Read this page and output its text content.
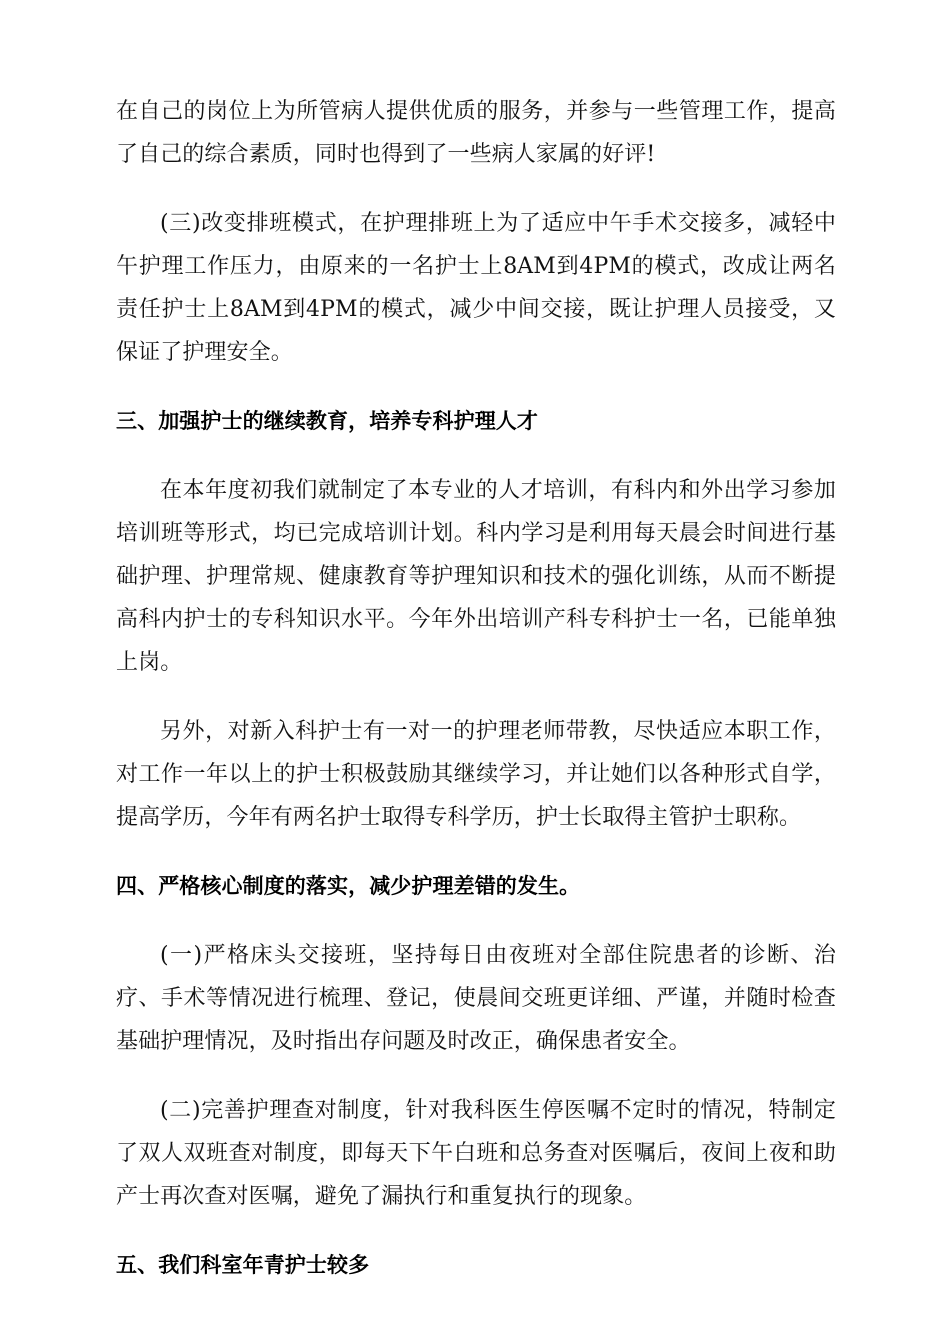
在自己的岗位上为所管病人提供优质的服务，并参与一些管理工作，提高了自己的综合素质，同时也得到了一些病人家属的好评!

(三)改变排班模式，在护理排班上为了适应中午手术交接多，减轻中午护理工作压力，由原来的一名护士上8AM到4PM的模式，改成让两名责任护士上8AM到4PM的模式，减少中间交接，既让护理人员接受，又保证了护理安全。

三、加强护士的继续教育，培养专科护理人才

在本年度初我们就制定了本专业的人才培训，有科内和外出学习参加培训班等形式，均已完成培训计划。科内学习是利用每天晨会时间进行基础护理、护理常规、健康教育等护理知识和技术的强化训练，从而不断提高科内护士的专科知识水平。今年外出培训产科专科护士一名，已能单独上岗。

另外，对新入科护士有一对一的护理老师带教，尽快适应本职工作，对工作一年以上的护士积极鼓励其继续学习，并让她们以各种形式自学，提高学历，今年有两名护士取得专科学历，护士长取得主管护士职称。

四、严格核心制度的落实，减少护理差错的发生。

(一)严格床头交接班，坚持每日由夜班对全部住院患者的诊断、治疗、手术等情况进行梳理、登记，使晨间交班更详细、严谨，并随时检查基础护理情况，及时指出存问题及时改正，确保患者安全。

(二)完善护理查对制度，针对我科医生停医嘱不定时的情况，特制定了双人双班查对制度，即每天下午白班和总务查对医嘱后，夜间上夜和助产士再次查对医嘱，避免了漏执行和重复执行的现象。

五、我们科室年青护士较多
